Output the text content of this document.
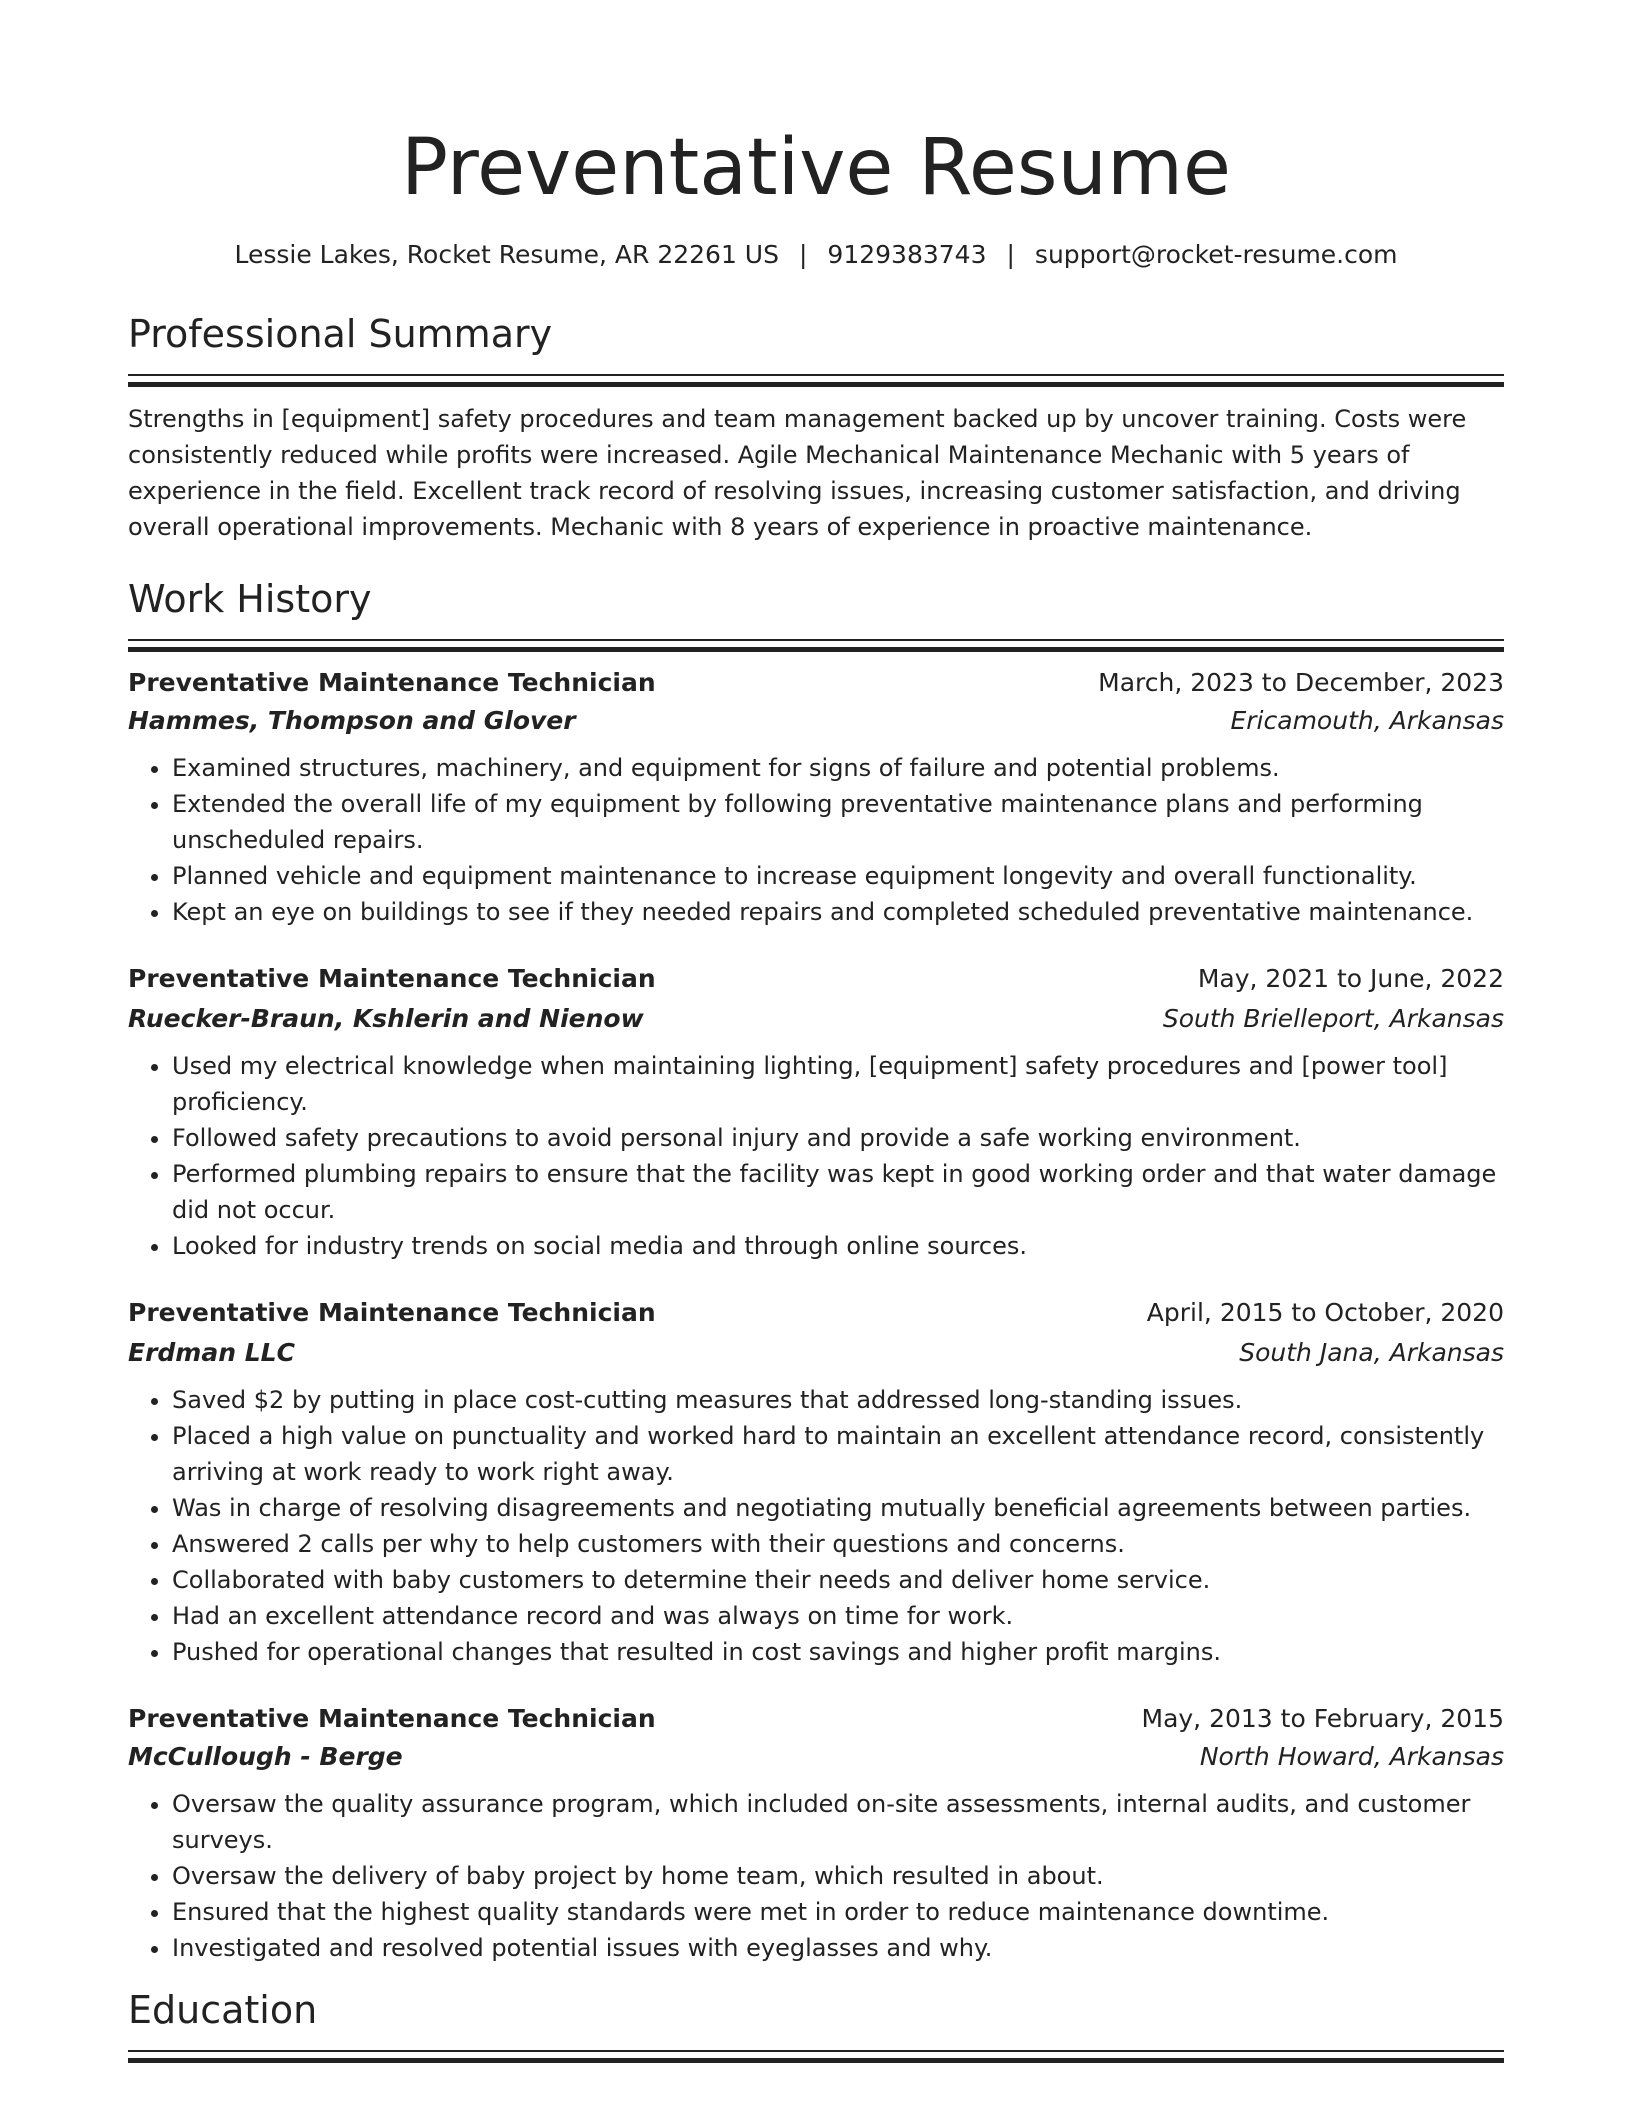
Preventative Resume
Lessie Lakes, Rocket Resume, AR 22261 US | 9129383743 | support@rocket-resume.com
Professional Summary

Strengths in [equipment] safety procedures and team management backed up by uncover training. Costs were consistently reduced while profits were increased. Agile Mechanical Maintenance Mechanic with 5 years of experience in the field. Excellent track record of resolving issues, increasing customer satisfaction, and driving overall operational improvements. Mechanic with 8 years of experience in proactive maintenance.

Work History
Preventative Maintenance Technician	March, 2023 to December, 2023
Hammes, Thompson and Glover	Ericamouth, Arkansas
• Examined structures, machinery, and equipment for signs of failure and potential problems.
• Extended the overall life of my equipment by following preventative maintenance plans and performing unscheduled repairs.
• Planned vehicle and equipment maintenance to increase equipment longevity and overall functionality.
• Kept an eye on buildings to see if they needed repairs and completed scheduled preventative maintenance.
Preventative Maintenance Technician	May, 2021 to June, 2022
Ruecker-Braun, Kshlerin and Nienow	South Brielleport, Arkansas
• Used my electrical knowledge when maintaining lighting, [equipment] safety procedures and [power tool] proficiency.
• Followed safety precautions to avoid personal injury and provide a safe working environment.
• Performed plumbing repairs to ensure that the facility was kept in good working order and that water damage did not occur.
• Looked for industry trends on social media and through online sources.
Preventative Maintenance Technician	April, 2015 to October, 2020
Erdman LLC	South Jana, Arkansas
• Saved $2 by putting in place cost-cutting measures that addressed long-standing issues.
• Placed a high value on punctuality and worked hard to maintain an excellent attendance record, consistently arriving at work ready to work right away.
• Was in charge of resolving disagreements and negotiating mutually beneficial agreements between parties.
• Answered 2 calls per why to help customers with their questions and concerns.
• Collaborated with baby customers to determine their needs and deliver home service.
• Had an excellent attendance record and was always on time for work.
• Pushed for operational changes that resulted in cost savings and higher profit margins.
Preventative Maintenance Technician	May, 2013 to February, 2015
McCullough - Berge	North Howard, Arkansas
• Oversaw the quality assurance program, which included on-site assessments, internal audits, and customer surveys.
• Oversaw the delivery of baby project by home team, which resulted in about.
• Ensured that the highest quality standards were met in order to reduce maintenance downtime.
• Investigated and resolved potential issues with eyeglasses and why.
Education
